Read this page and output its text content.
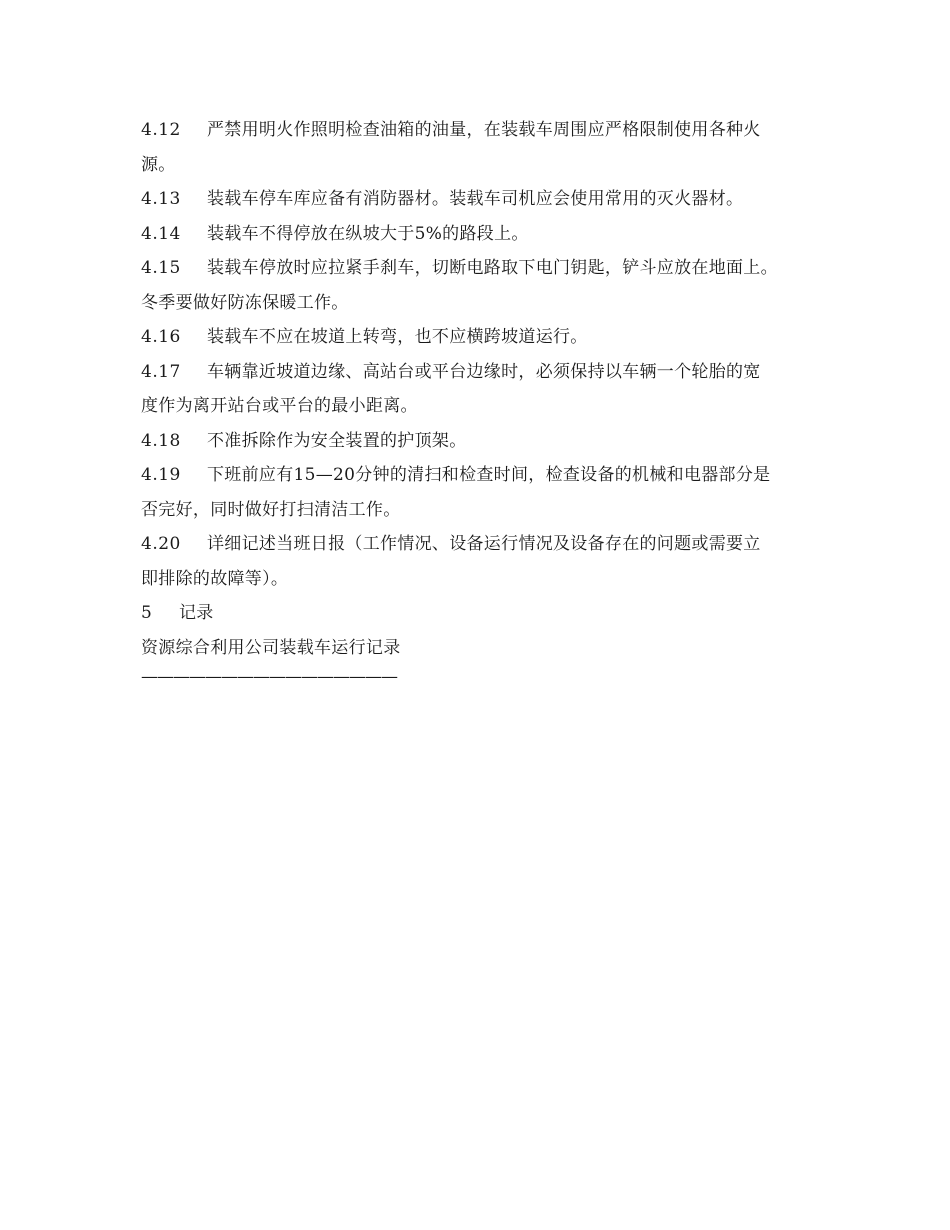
4.12 严禁用明火作照明检查油箱的油量，在装载车周围应严格限制使用各种火
源。
4.13 装载车停车库应备有消防器材。装载车司机应会使用常用的灭火器材。
4.14 装载车不得停放在纵坡大于5%的路段上。
4.15 装载车停放时应拉紧手刹车，切断电路取下电门钥匙，铲斗应放在地面上。
冬季要做好防冻保暖工作。
4.16 装载车不应在坡道上转弯，也不应横跨坡道运行。
4.17 车辆靠近坡道边缘、高站台或平台边缘时，必须保持以车辆一个轮胎的宽
度作为离开站台或平台的最小距离。
4.18 不准拆除作为安全装置的护顶架。
4.19 下班前应有15—20分钟的清扫和检查时间，检查设备的机械和电器部分是
否完好，同时做好打扫清洁工作。
4.20 详细记述当班日报（工作情况、设备运行情况及设备存在的问题或需要立
即排除的故障等）。
5 记录
资源综合利用公司装载车运行记录
————————————————
